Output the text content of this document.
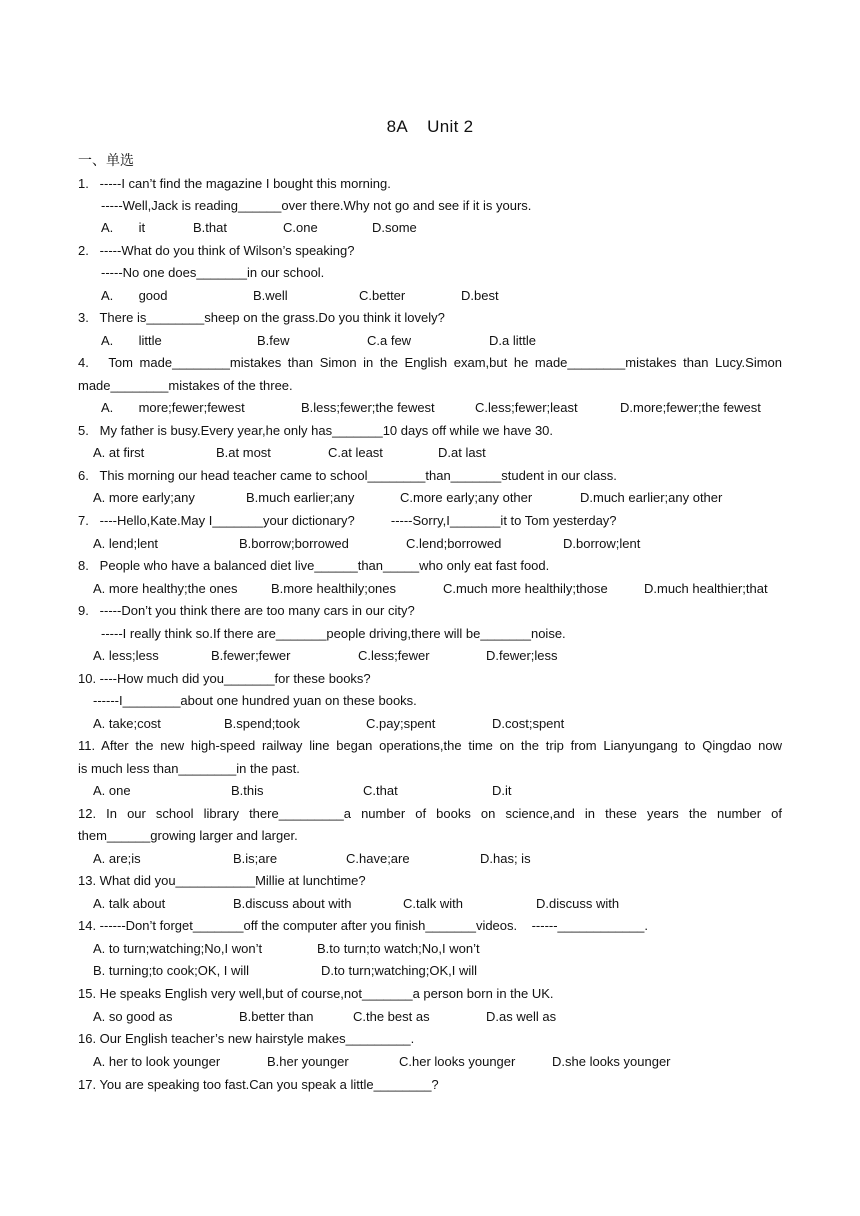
8A    Unit 2
一、单选
1.   -----I can’t find the magazine I bought this morning.
-----Well,Jack is reading______over there.Why not go and see if it is yours.
A.       it	B.that	C.one	D.some
2.   -----What do you think of Wilson’s speaking?
-----No one does_______in our school.
A.       good	B.well	C.better	D.best
3.   There is________sheep on the grass.Do you think it lovely?
A.       little	B.few	C.a few	D.a little
4.   Tom made________mistakes than Simon in the English exam,but he made________mistakes than Lucy.Simon
made________mistakes of the three.
A.       more;fewer;fewest	B.less;fewer;the fewest	C.less;fewer;least	D.more;fewer;the fewest
5.   My father is busy.Every year,he only has_______10 days off while we have 30.
A. at first	B.at most	C.at least	D.at last
6.   This morning our head teacher came to school________than_______student in our class.
A. more early;any	B.much earlier;any	C.more early;any other	D.much earlier;any other
7.   ----Hello,Kate.May I_______your dictionary?          -----Sorry,I_______it to Tom yesterday?
A. lend;lent	B.borrow;borrowed	C.lend;borrowed	D.borrow;lent
8.   People who have a balanced diet live______than_____who only eat fast food.
A. more healthy;the ones	B.more healthily;ones	C.much more healthily;those	D.much healthier;that
9.   -----Don’t you think there are too many cars in our city?
-----I really think so.If there are_______people driving,there will be_______noise.
A. less;less	B.fewer;fewer	C.less;fewer	D.fewer;less
10. ----How much did you_______for these books?
------I________about one hundred yuan on these books.
A. take;cost	B.spend;took	C.pay;spent	D.cost;spent
11. After the new high-speed railway line began operations,the time on the trip from Lianyungang to Qingdao now
is much less than________in the past.
A. one	B.this	C.that	D.it
12. In our school library there_________a number of books on science,and in these years the number of
them______growing larger and larger.
A. are;is	B.is;are	C.have;are	D.has; is
13. What did you___________Millie at lunchtime?
A. talk about	B.discuss about with	C.talk with	D.discuss with
14. ------Don’t forget_______off the computer after you finish_______videos.    ------____________.
A. to turn;watching;No,I won’t	B.to turn;to watch;No,I won’t
B. turning;to cook;OK, I will	D.to turn;watching;OK,I will
15. He speaks English very well,but of course,not_______a person born in the UK.
A. so good as	B.better than	C.the best as	D.as well as
16. Our English teacher’s new hairstyle makes_________.
A. her to look younger	B.her younger	C.her looks younger	D.she looks younger
17. You are speaking too fast.Can you speak a little________?
